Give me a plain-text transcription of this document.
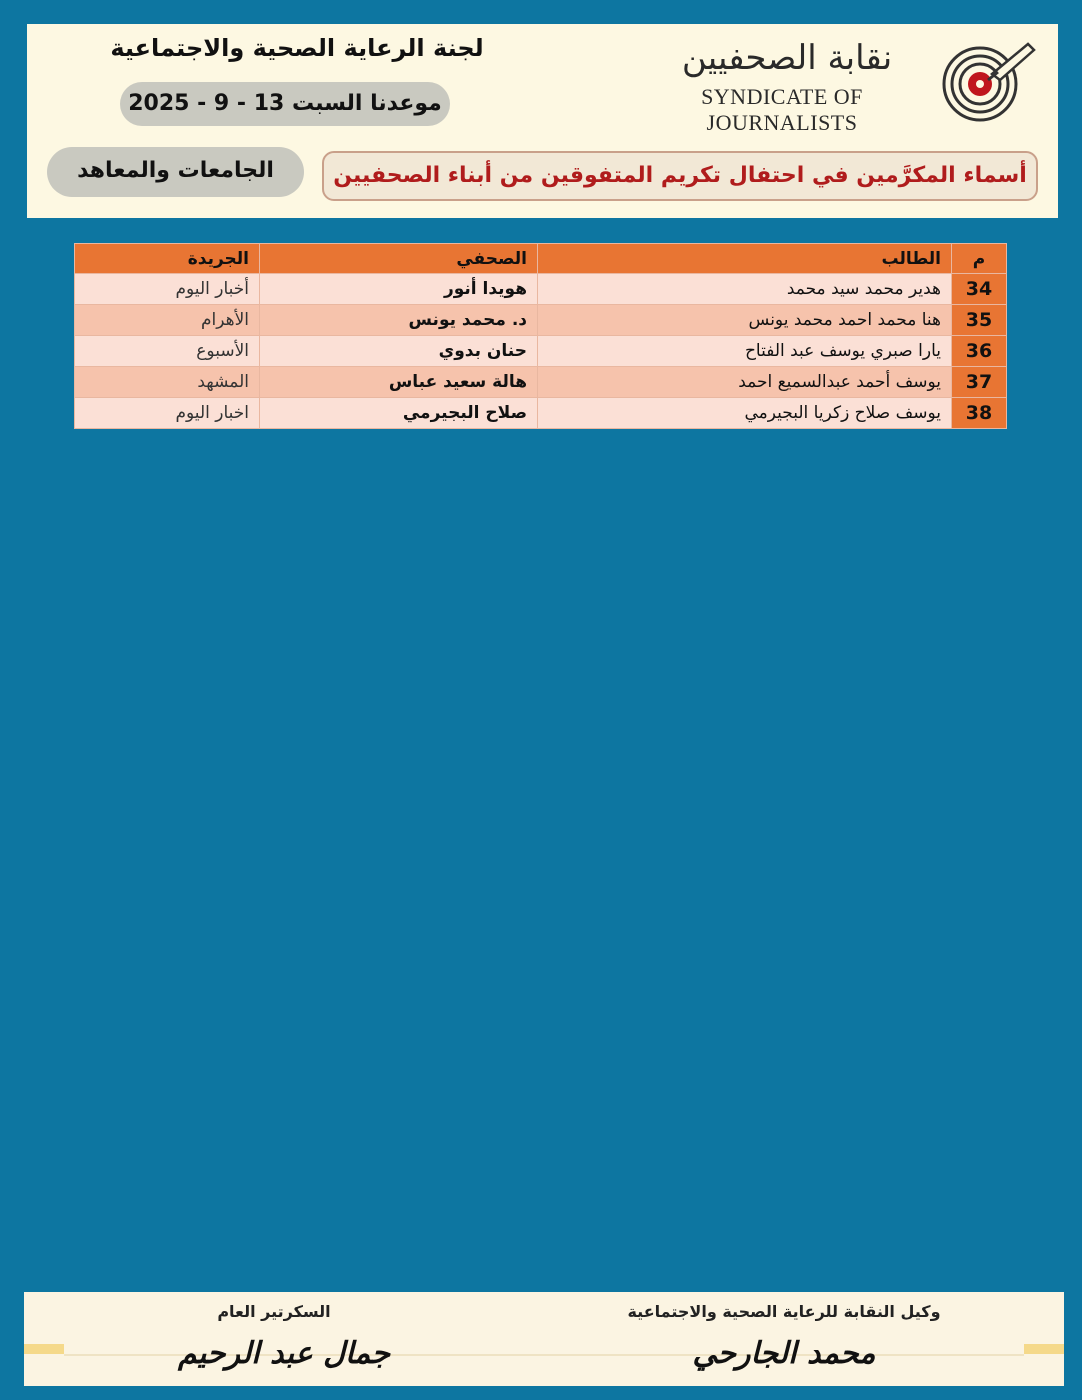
لجنة الرعاية الصحية والاجتماعية
موعدنا السبت 13 - 9 - 2025
الجامعات والمعاهد	أسماء المكرَّمين في احتفال تكريم المتفوقين من أبناء الصحفيين
نقابة الصحفيين
SYNDICATE OF JOURNALISTS
م	الطالب	الصحفي	الجريدة
34	هدير محمد سيد محمد	هويدا أنور	أخبار اليوم
35	هنا محمد احمد محمد يونس	د. محمد يونس	الأهرام
36	يارا صبري يوسف عبد الفتاح	حنان بدوي	الأسبوع
37	يوسف أحمد عبدالسميع احمد	هالة سعيد عباس	المشهد
38	يوسف صلاح زكريا البجيرمي	صلاح البجيرمي	اخبار اليوم
وكيل النقابة للرعاية الصحية والاجتماعية
محمد الجارحي
السكرتير العام
جمال عبد الرحيم
